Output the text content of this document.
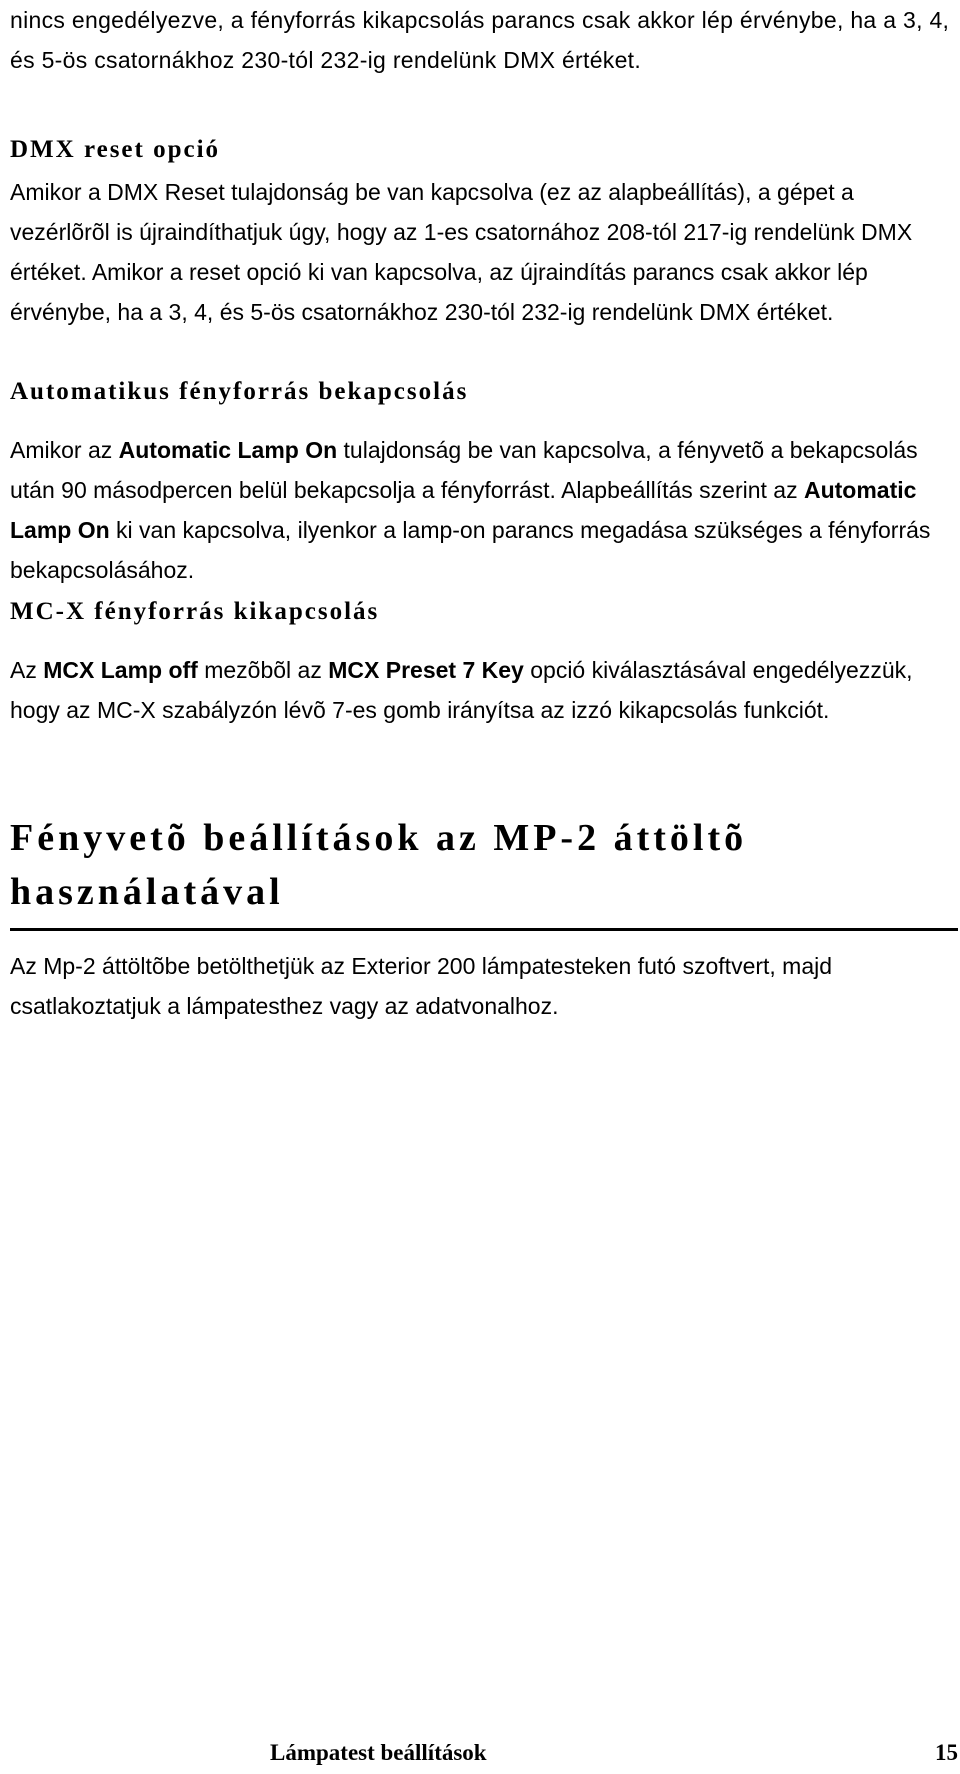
nincs engedélyezve, a fényforrás kikapcsolás parancs csak akkor lép érvénybe, ha a 3, 4, és 5-ös csatornákhoz 230-tól 232-ig rendelünk DMX értéket.

DMX reset opció

Amikor a DMX Reset tulajdonság be van kapcsolva (ez az alapbeállítás), a gépet a vezérlõrõl is újraindíthatjuk úgy, hogy az 1-es csatornához 208-tól 217-ig rendelünk DMX értéket. Amikor a reset opció ki van kapcsolva, az újraindítás parancs csak akkor lép érvénybe, ha a 3, 4, és 5-ös csatornákhoz 230-tól 232-ig rendelünk DMX értéket.

Automatikus fényforrás bekapcsolás

Amikor az Automatic Lamp On tulajdonság be van kapcsolva, a fényvetõ a bekapcsolás után 90 másodpercen belül bekapcsolja a fényforrást. Alapbeállítás szerint az Automatic Lamp On ki van kapcsolva, ilyenkor a lamp-on parancs megadása szükséges a fényforrás bekapcsolásához.

MC-X fényforrás kikapcsolás

Az MCX Lamp off mezõbõl az MCX Preset 7 Key opció kiválasztásával engedélyezzük, hogy az MC-X szabályzón lévõ 7-es gomb irányítsa az izzó kikapcsolás funkciót.

Fényvetõ beállítások az MP-2 áttöltõ
használatával

Az Mp-2 áttöltõbe betölthetjük az Exterior 200 lámpatesteken futó szoftvert, majd csatlakoztatjuk a lámpatesthez vagy az adatvonalhoz.

Lámpatest beállítások	15
